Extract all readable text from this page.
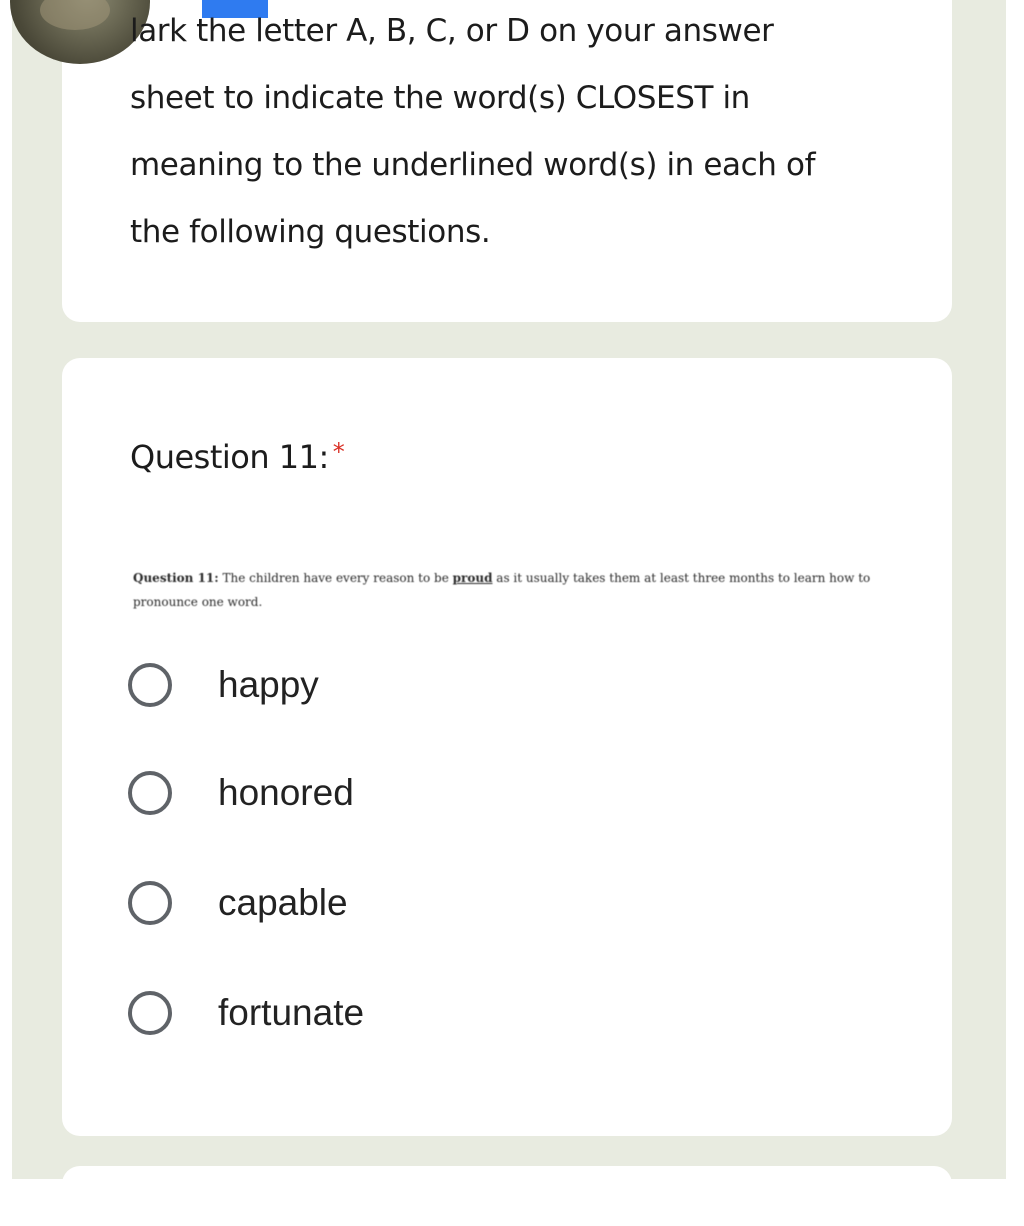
lark the letter A, B, C, or D on your answer
sheet to indicate the word(s) CLOSEST in
meaning to the underlined word(s) in each of
the following questions.
Question 11: *
Question 11: The children have every reason to be proud as it usually takes them at least three months to learn how to pronounce one word.
happy
honored
capable
fortunate
